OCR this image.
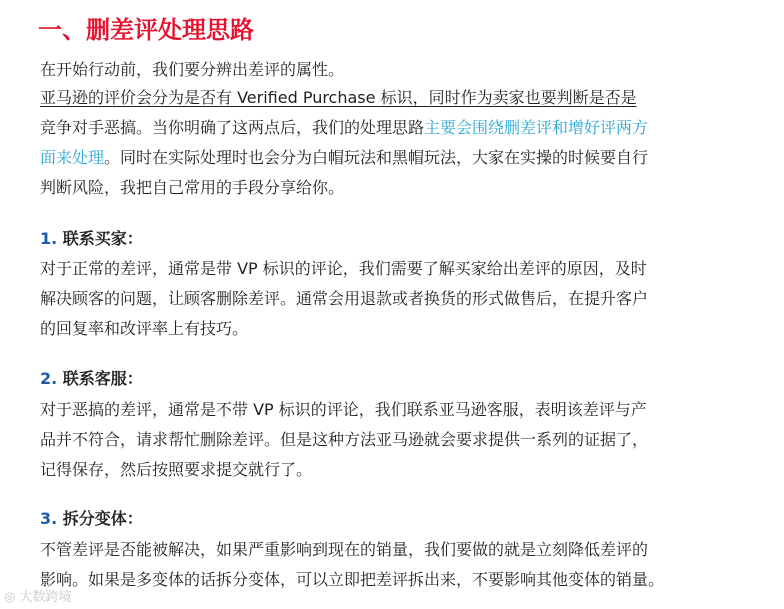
一、删差评处理思路

在开始行动前，我们要分辨出差评的属性。

亚马逊的评价会分为是否有 Verified Purchase 标识，同时作为卖家也要判断是否是

竞争对手恶搞。当你明确了这两点后，我们的处理思路主要会围绕删差评和增好评两方

面来处理。同时在实际处理时也会分为白帽玩法和黑帽玩法，大家在实操的时候要自行

判断风险，我把自己常用的手段分享给你。

1. 联系买家：

对于正常的差评，通常是带 VP 标识的评论，我们需要了解买家给出差评的原因，及时

解决顾客的问题，让顾客删除差评。通常会用退款或者换货的形式做售后，在提升客户

的回复率和改评率上有技巧。

2. 联系客服：

对于恶搞的差评，通常是不带 VP 标识的评论，我们联系亚马逊客服，表明该差评与产

品并不符合，请求帮忙删除差评。但是这种方法亚马逊就会要求提供一系列的证据了，

记得保存，然后按照要求提交就行了。

3. 拆分变体：

不管差评是否能被解决，如果严重影响到现在的销量，我们要做的就是立刻降低差评的

影响。如果是多变体的话拆分变体，可以立即把差评拆出来，不要影响其他变体的销量。

◎ 大数跨境
